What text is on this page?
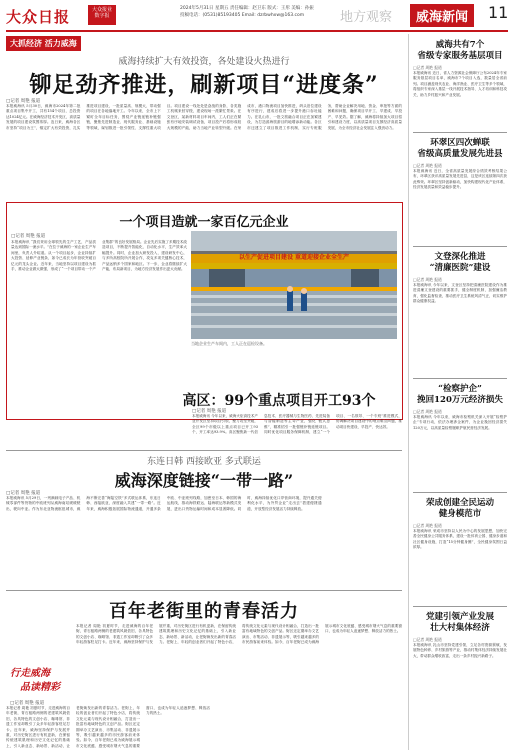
大众日报	大众报业 数字报
2024年5月31日 星期五 责任编辑：赵卫东 版式：王彤 美编：孙振
投稿电话：(0531)85193405 Email: dzrbwhxw@163.com	地方观察	威海新闻	11
大抓经济 活力威海
威海持续扩大有效投资，各处建设火热进行
铆足劲齐推进，刷新项目“进度条”
□记者 周艳 报道
本报威海讯 5月30日，威海市2024年第二批重点项目集中开工，共有154个项目，总投资达1024亿元。在威海经济技术开发区，高质量发展的项目建设氛围浓厚。连日来，威海各区市坚持“项目为王”，锚定扩大有效投资，扎实推进项目建设，一批质量高、规模大、带动强的项目在各地落地开工。今年以来，全市上下紧盯全年目标任务，围绕产业链延链补链强链，聚焦先进制造业、现代服务业、基础设施等领域，谋划推进一批引领性、支撑性重大项目。项目建设一线处处是奋战的身影，各类施工机械来回穿梭，建设现场一派繁忙景象。在文登区，某新材料项目车间内，工人们正在紧张有序地安装调试设备，项目投产后将形成较大规模的产能，助力当地产业转型升级。在荣成市，港口物流项目加快推进，码头泊位建设有序进行，建成后将进一步提升港口吞吐能力。在乳山市，一批文旅融合项目正在加紧建设，为打造滨海旅游目的地增添新动能。各区市还建立了项目推进工作机制，实行专班服务，帮助企业解决用地、资金、审批等方面的困难和问题，确保项目早开工、早建成、早投产、早见效。据了解，威海将持续加大项目招引和建设力度，以高质量项目支撑经济高质量发展，为全市经济社会发展注入强劲动力。
一个项目造就一家百亿元企业
□记者 周艳 报道
本报威海讯 “我们采用全球领先的生产工艺，产品质量达到国际一流水平。”在位于威海的一家企业生产车间里，负责人介绍道。从一个项目起步，企业持续扩大投资、延伸产业链条，如今已成长为年营收突破百亿元的龙头企业。近年来，当地坚持以项目建设为抓手，推动企业做大做强，形成了“一个项目带动一个产业集群”的良好发展格局。企业先后实施了多期技术改造项目，不断提升智能化、自动化水平，生产效率大幅提升。同时，企业加大研发投入，建设研发中心，与多所高校院所开展合作，攻克多项关键核心技术，产品远销多个国家和地区。下一步，企业将继续扩大产能，布局新项目，为地方经济发展作出更大贡献。
以生产促进项目建设 重道迎接企业全生产
当地企业生产车间内，工人正在巡检设备。
高区：99个重点项目开工93个
□记者 周艳 报道
本报威海讯 今年以来，威海火炬高技术产业开发区坚持项目引领，聚力攻坚突破，全区99个市级以上重点项目已开工93个，开工率达93.9%。高区聚焦新一代信息技术、医疗器械与生物医药、先进装备与智能制造等主导产业，强化“链式思维”，精准招引一批强链补链延链项目。同时优化项目服务保障机制，建立“一个项目、一名领导、一个专班”推进模式，协调解决项目建设中的堵点难点问题，推动项目快建设、早投产、快达效。
东连日韩 西接欧亚 多式联运
威海深度链接“一带一路”
□记者 周艳 报道
本报威海讯 5月29日，一列满载电子产品、机械零部件等货物的中欧班列从威海南站缓缓驶出，驶向中亚。作为东北亚物流枢纽城市，威海不断完善“海陆空铁”多式联运体系，东连日韩、西接欧亚，深度融入共建“一带一路”。近年来，威海积极拓展国际物流通道，开通多条中欧、中亚班列线路，加密至日本、韩国的海运航线，推动海铁联运、陆海联运等新模式发展，进出口货物运输时间和成本显著降低。同时，威海持续优化口岸营商环境，提升通关便利化水平，为外贸企业“走出去”搭建便捷通道，开放型经济发展活力持续释放。
百年老街里的青春活力
行走威海
品读精彩
□记者 周艳 报道
本报记者 周艳 初夏时节，走进威海的百年老街，青石板路两侧的老建筑风貌依旧，各具特色的文创小店、咖啡馆、非遗工作室却吸引了众多年轻游客驻足打卡。近年来，威海坚持保护与发展并重，对历史街区进行有机更新，在保留传统建筑肌理和历史文化记忆的基础上，引入新业态、新场景、新活动，让老街焕发出新的青春活力。老街上，年轻的创业者们开起了特色小店，将传统文化元素与现代设计相融合，打造出一批富有地域特色的文创产品。街区还定期举办文艺演出、市集活动、非遗展示等，吸引越来越多的市民游客前来体验。如今，百年老街已成为威海展示城市文化底蕴、感受城市烟火气息的重要窗口，也成为年轻人追逐梦想、释放活力的热土。
本报记者 周艳 初夏时节，走进威海的百年老街，青石板路两侧的老建筑风貌依旧，各具特色的文创小店、咖啡馆、非遗工作室却吸引了众多年轻游客驻足打卡。近年来，威海坚持保护与发展并重，对历史街区进行有机更新，在保留传统建筑肌理和历史文化记忆的基础上，引入新业态、新场景、新活动，让老街焕发出新的青春活力。老街上，年轻的创业者们开起了特色小店，将传统文化元素与现代设计相融合，打造出一批富有地域特色的文创产品。街区还定期举办文艺演出、市集活动、非遗展示等，吸引越来越多的市民游客前来体验。如今，百年老街已成为威海展示城市文化底蕴、感受城市烟火气息的重要窗口，也成为年轻人追逐梦想、释放活力的热土。
威海共有7个
省级专家服务基层项目
□记者 周艳 报道
本报威海讯 近日，省人力资源社会保障厅公布2024年专家服务基层项目名单，威海市7个项目入选，数量居全省前列。项目涵盖现代农业、海洋渔业、医疗卫生等多个领域，将组织专家深入基层一线开展技术指导、人才培训和科技攻关，助力乡村振兴和产业发展。
环翠区四次蝉联
省级高质量发展先进县
□记者 周艳 报道
本报威海讯 近日，全省高质量发展综合绩效考核结果公布，环翠区获评高质量发展先进县，这是该区连续第四次获此殊荣。环翠区坚持创新驱动，加快构建现代化产业体系，经济发展质量和效益稳步提升。
文登深化推进
“清廉医院”建设
□记者 周艳 报道
本报威海讯 今年以来，文登区坚持把清廉医院建设作为推进清廉文登建设的重要抓手，健全制度机制，加强廉洁教育，强化监督检查，推动医疗卫生系统风清气正，切实维护群众健康权益。
“检察护企”
挽回120万元经济损失
□记者 周艳 报道
本报威海讯 今年以来，威海市检察机关深入开展“检察护企”专项行动，依法办理涉企案件，为企业挽回经济损失120万元，以高质量检察履职护航民营经济发展。
荣成创建全民运动
健身模范市
□记者 周艳 报道
本报威海讯 荣成市坚持以人民为中心的发展思想，加快完善全民健身公共服务体系，建设一批体育公园、健身步道和社区健身设施，打造“15分钟健身圈”，全民健身氛围日益浓厚。
党建引领产业发展
壮大村集体经济
□记者 周艳 报道
本报威海讯 乳山市坚持党建引领，立足各村资源禀赋，发展特色种养、乡村旅游等产业，推动村集体经济持续发展壮大，带动群众增收致富，走出一条乡村振兴新路子。
